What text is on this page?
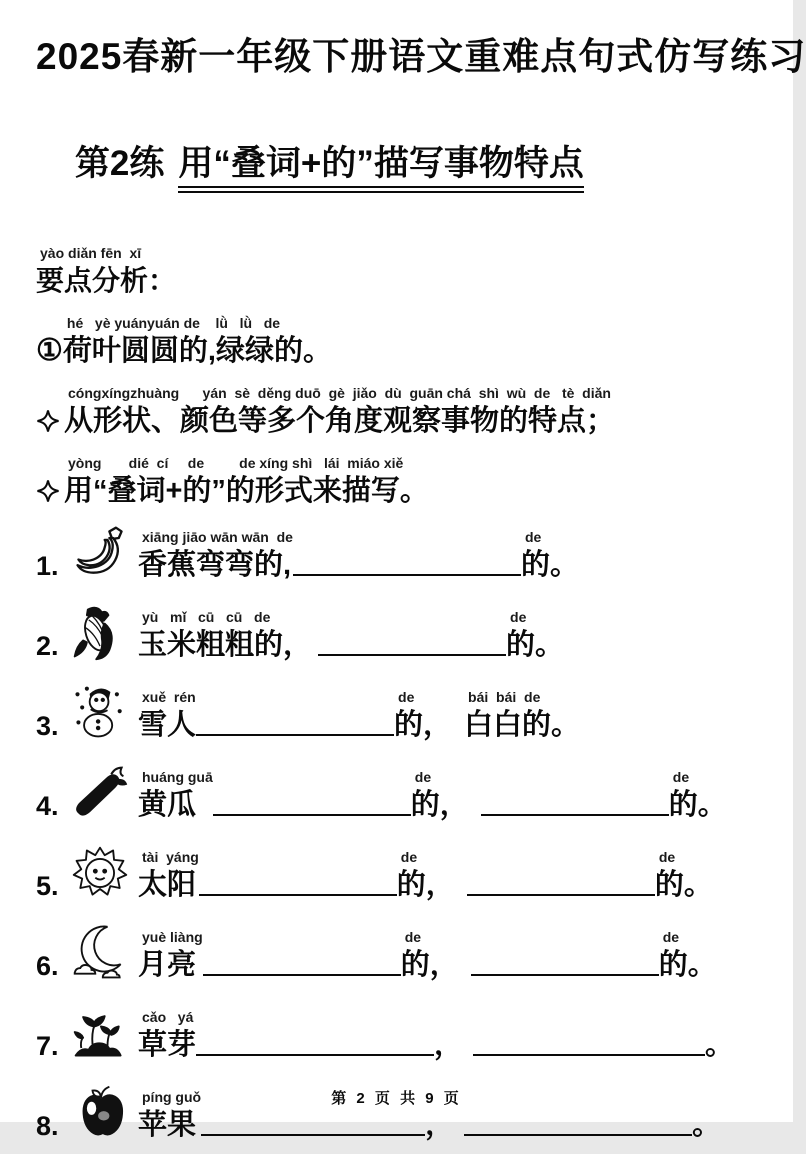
2025春新一年级下册语文重难点句式仿写练习

第2练 用“叠词+的”描写事物特点

yào diǎn fēn  xī
要点分析：
①
hé   yè yuányuán de    lǜ   lǜ   de
荷叶圆圆的,绿绿的。
cóngxíngzhuàng      yán  sè  děng duō  gè  jiǎo  dù  guān chá  shì  wù  de   tè  diǎn
从形状、颜色等多个角度观察事物的特点；
yòng       dié  cí     de         de xíng shì   lái  miáo xiě
用“叠词+的”的形式来描写。
1.
xiāng jiāo wān wān  de
香蕉弯弯的,
de
的。
2.
yù   mǐ   cū   cū   de
玉米粗粗的，
de
的。
3.
xuě  rén
雪人
de
的，
bái  bái  de
白白的。
4.
huáng guā
黄瓜
de
的，
de
的。
5.
tài  yáng
太阳
de
的，
de
的。
6.
yuè liàng
月亮
de
的，
de
的。
7.
cǎo   yá
草芽	，	。
8.
píng guǒ
苹果	，	。
第 2 页 共 9 页
